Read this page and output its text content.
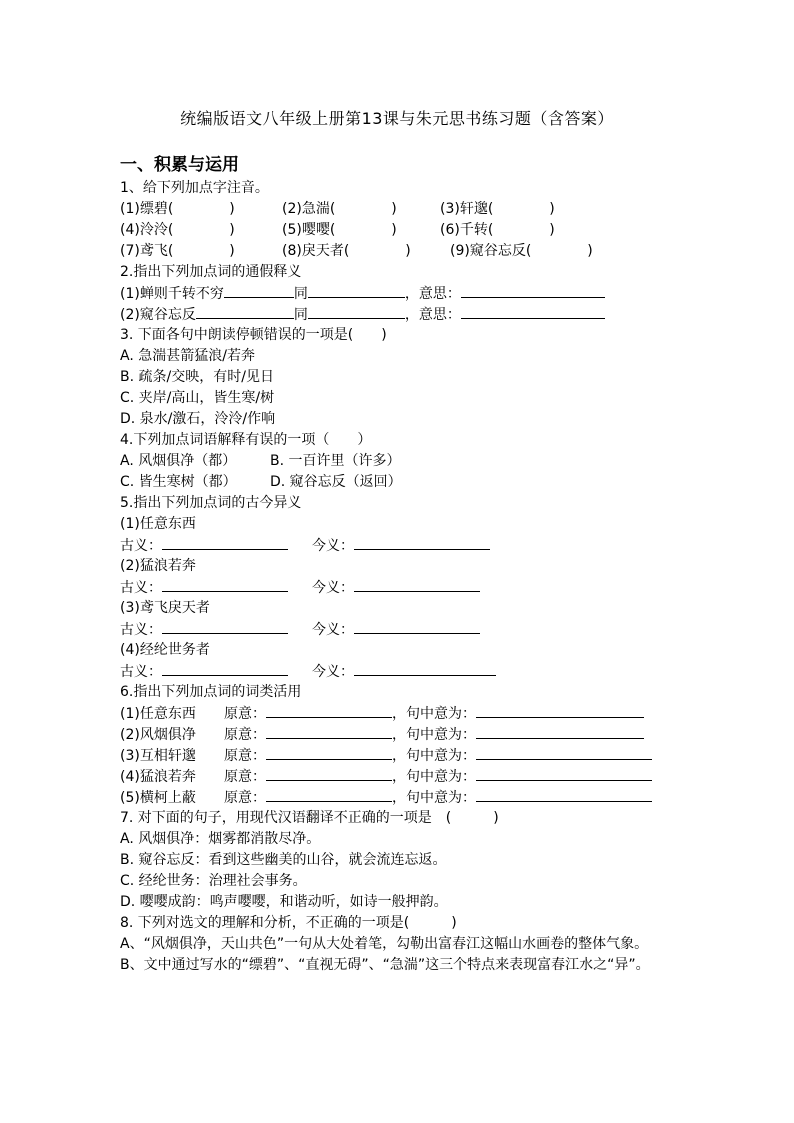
统编版语文八年级上册第13课与朱元思书练习题（含答案）
一、积累与运用
1、给下列加点字注音。
(1)缥碧(　　　　)	(2)急湍(　　　　)	(3)轩邈(　　　　)
(4)泠泠(　　　　)	(5)嘤嘤(　　　　)	(6)千转(　　　　)
(7)鸢飞(　　　　)	(8)戾天者(　　　　)	(9)窥谷忘反(　　　　)
2.指出下列加点词的通假释义
(1)蝉则千转不穷	同	，意思：
(2)窥谷忘反	同	，意思：
3. 下面各句中朗读停顿错误的一项是(　　)
A. 急湍甚箭猛浪/若奔
B. 疏条/交映，有时/见日
C. 夹岸/高山，皆生寒/树
D. 泉水/激石，泠泠/作响
4.下列加点词语解释有误的一项（　　）
A. 风烟俱净（都） B. 一百许里（许多）
C. 皆生寒树（都） D. 窥谷忘反（返回）
5.指出下列加点词的古今异义
(1)任意东西
古义：	今义：
(2)猛浪若奔
古义：	今义：
(3)鸢飞戾天者
古义：	今义：
(4)经纶世务者
古义：	今义：
6.指出下列加点词的词类活用
(1)任意东西 原意：	，句中意为：
(2)风烟俱净 原意：	，句中意为：
(3)互相轩邈 原意：	，句中意为：
(4)猛浪若奔 原意：	，句中意为：
(5)横柯上蔽 原意：	，句中意为：
7. 对下面的句子，用现代汉语翻译不正确的一项是　(　　　)
A. 风烟俱净：烟雾都消散尽净。
B. 窥谷忘反：看到这些幽美的山谷，就会流连忘返。
C. 经纶世务：治理社会事务。
D. 嘤嘤成韵：鸣声嘤嘤，和谐动听，如诗一般押韵。
8. 下列对选文的理解和分析，不正确的一项是(　　　)
A、“风烟俱净，天山共色”一句从大处着笔，勾勒出富春江这幅山水画卷的整体气象。
B、文中通过写水的“缥碧”、“直视无碍”、“急湍”这三个特点来表现富春江水之“异”。
